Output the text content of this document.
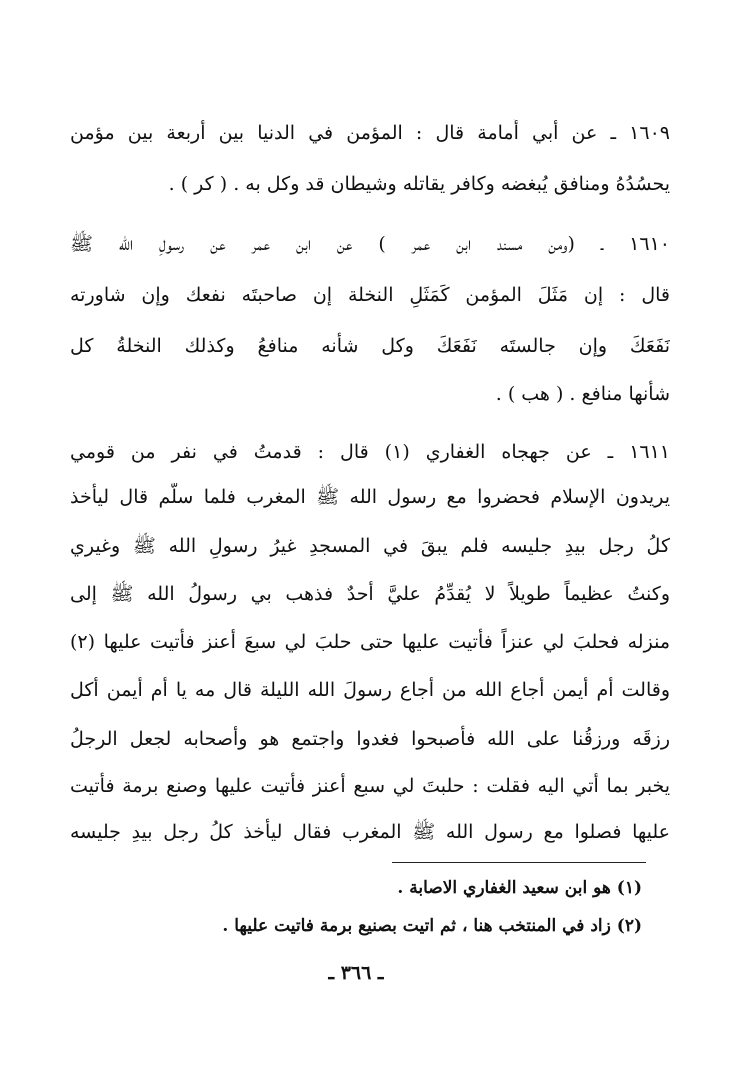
١٦٠٩ ـ عن أبي أُمامة قال : المؤمن في الدنيا بين أربعة بين مؤمن
يحسُدُهُ ومنافق يُبغضه وكافر يقاتله وشيطان قد وكل به . ( كر ) .
١٦١٠ ـ (ومن مسند ابن عمر ) عن ابن عمر عن رسولِ الله ﷺ
قال : إن مَثَلَ المؤمن كَمَثَلِ النخلة إن صاحبتَه نفعك وإن شاورته
نَفَعَكَ وإن جالستَه نَفَعَكَ وكل شأنه منافعُ وكذلك النخلةُ كل
شأنها منافع . ( هب ) .
١٦١١ ـ عن جهجاه الغفاري (١) قال : قدمتُ في نفر من قومي
يريدون الإسلام فحضروا مع رسول الله ﷺ المغرب فلما سلّم قال ليأخذ
كلُ رجل بيدِ جليسه فلم يبقَ في المسجدِ غيرُ رسولِ الله ﷺ وغيري
وكنتُ عظيماً طويلاً لا يُقدِّمُ عليَّ أحدٌ فذهب بي رسولُ الله ﷺ إلى
منزله فحلبَ لي عنزاً فأتيت عليها حتى حلبَ لي سبعَ أعنز فأتيت عليها (٢)
وقالت أم أيمن أجاع الله من أجاع رسولَ الله الليلة قال مه يا أم أيمن أكل
رزقَه ورزقُنا على الله فأصبحوا فغدوا واجتمع هو وأصحابه لجعل الرجلُ
يخبر بما أتي اليه فقلت : حلبتَ لي سبع أعنز فأتيت عليها وصنع برمة فأتيت
عليها فصلوا مع رسول الله ﷺ المغرب فقال ليأخذ كلُ رجل بيدِ جليسه
(١) هو ابن سعيد الغفاري الاصابة .
(٢) زاد في المنتخب هنا ، ثم اتيت بصنيع برمة فاتيت عليها .
ـ ٣٦٦ ـ
